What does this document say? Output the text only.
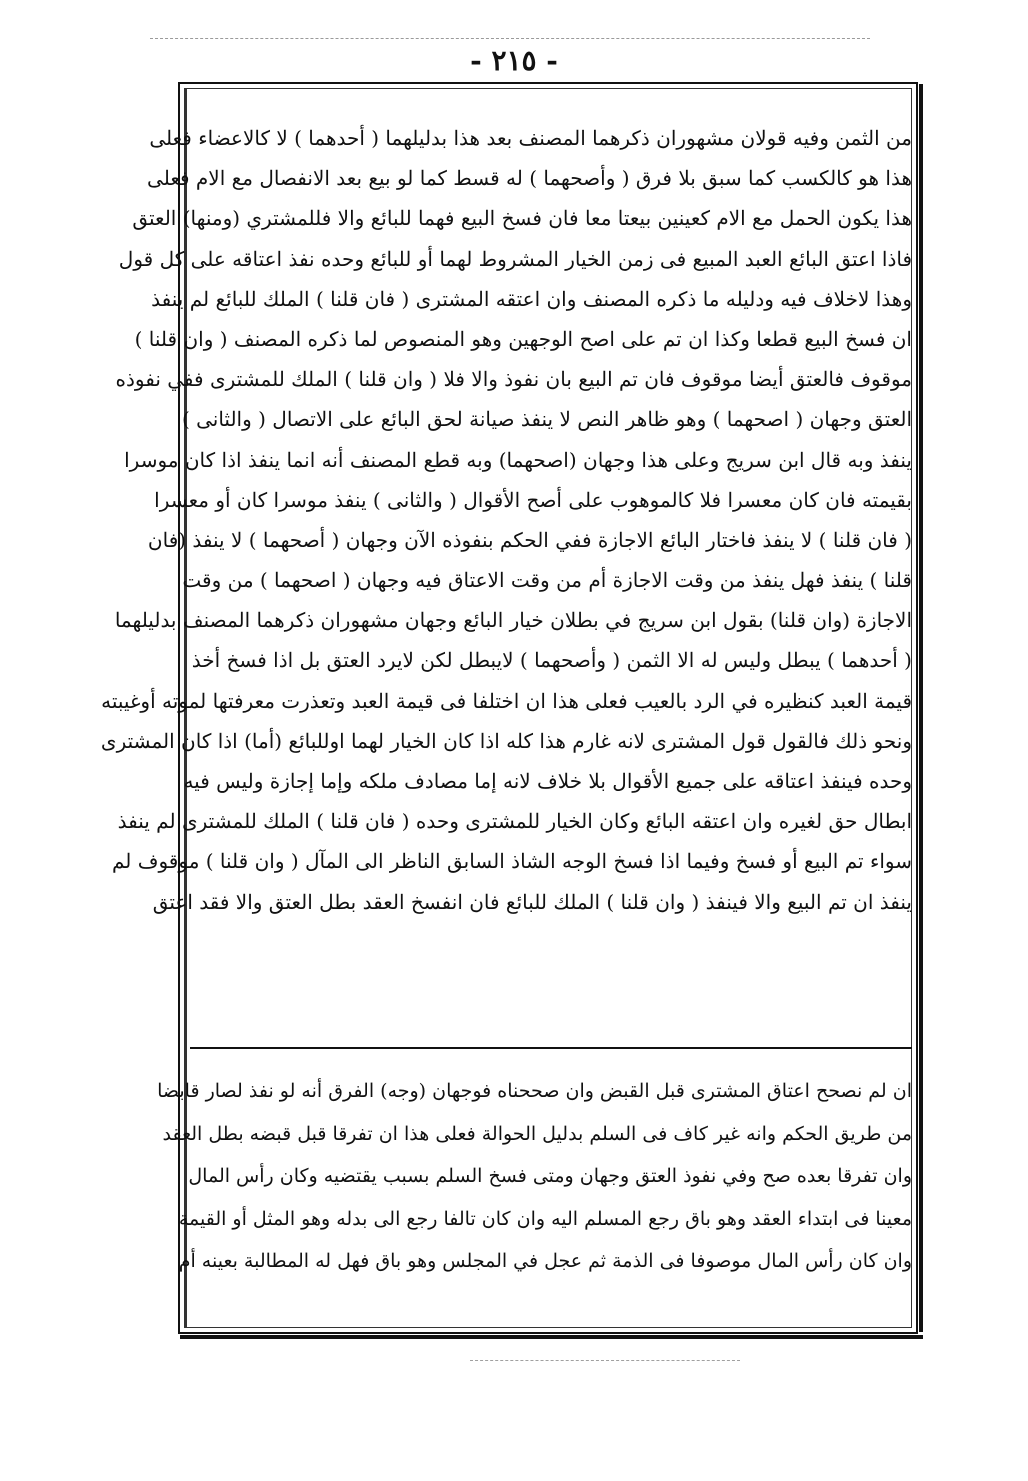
- ٢١٥ -
من الثمن وفيه قولان مشهوران ذكرهما المصنف بعد هذا بدليلهما ( أحدهما ) لا كالاعضاء فعلى
هذا هو كالكسب كما سبق بلا فرق ( وأصحهما ) له قسط كما لو بيع بعد الانفصال مع الام فعلى
هذا يكون الحمل مع الام كعينين بيعتا معا فان فسخ البيع فهما للبائع والا فللمشتري (ومنها) العتق
فاذا اعتق البائع العبد المبيع فى زمن الخيار المشروط لهما أو للبائع وحده نفذ اعتاقه على كل قول
وهذا لاخلاف فيه ودليله ما ذكره المصنف وان اعتقه المشترى ( فان قلنا ) الملك للبائع لم ينفذ
ان فسخ البيع قطعا وكذا ان تم على اصح الوجهين وهو المنصوص لما ذكره المصنف ( وان قلنا )
موقوف فالعتق أيضا موقوف فان تم البيع بان نفوذ والا فلا ( وان قلنا ) الملك للمشترى ففي نفوذه
العتق وجهان ( اصحهما ) وهو ظاهر النص لا ينفذ صيانة لحق البائع على الاتصال ( والثانى )
ينفذ وبه قال ابن سريج وعلى هذا وجهان (اصحهما) وبه قطع المصنف أنه انما ينفذ اذا كان موسرا
بقيمته فان كان معسرا فلا كالموهوب على أصح الأقوال ( والثانى ) ينفذ موسرا كان أو معسرا
( فان قلنا ) لا ينفذ فاختار البائع الاجازة ففي الحكم بنفوذه الآن وجهان ( أصحهما ) لا ينفذ (فان
قلنا ) ينفذ فهل ينفذ من وقت الاجازة أم من وقت الاعتاق فيه وجهان ( اصحهما ) من وقت
الاجازة (وان قلنا) بقول ابن سريج في بطلان خيار البائع وجهان مشهوران ذكرهما المصنف بدليلهما
( أحدهما ) يبطل وليس له الا الثمن ( وأصحهما ) لايبطل لكن لايرد العتق بل اذا فسخ أخذ
قيمة العبد كنظيره في الرد بالعيب فعلى هذا ان اختلفا فى قيمة العبد وتعذرت معرفتها لموته أوغيبته
ونحو ذلك فالقول قول المشترى لانه غارم هذا كله اذا كان الخيار لهما اوللبائع (أما) اذا كان المشترى
وحده فينفذ اعتاقه على جميع الأقوال بلا خلاف لانه إما مصادف ملكه وإما إجازة وليس فيه
ابطال حق لغيره وان اعتقه البائع وكان الخيار للمشترى وحده ( فان قلنا ) الملك للمشترى لم ينفذ
سواء تم البيع أو فسخ وفيما اذا فسخ الوجه الشاذ السابق الناظر الى المآل ( وان قلنا ) موقوف لم
ينفذ ان تم البيع والا فينفذ ( وان قلنا ) الملك للبائع فان انفسخ العقد بطل العتق والا فقد اعتق
ان لم نصحح اعتاق المشترى قبل القبض وان صححناه فوجهان (وجه) الفرق أنه لو نفذ لصار قابضا
من طريق الحكم وانه غير كاف فى السلم بدليل الحوالة فعلى هذا ان تفرقا قبل قبضه بطل العقد
وان تفرقا بعده صح وفي نفوذ العتق وجهان ومتى فسخ السلم بسبب يقتضيه وكان رأس المال
معينا فى ابتداء العقد وهو باق رجع المسلم اليه وان كان تالفا رجع الى بدله وهو المثل أو القيمة
وان كان رأس المال موصوفا فى الذمة ثم عجل في المجلس وهو باق فهل له المطالبة بعينه أم
